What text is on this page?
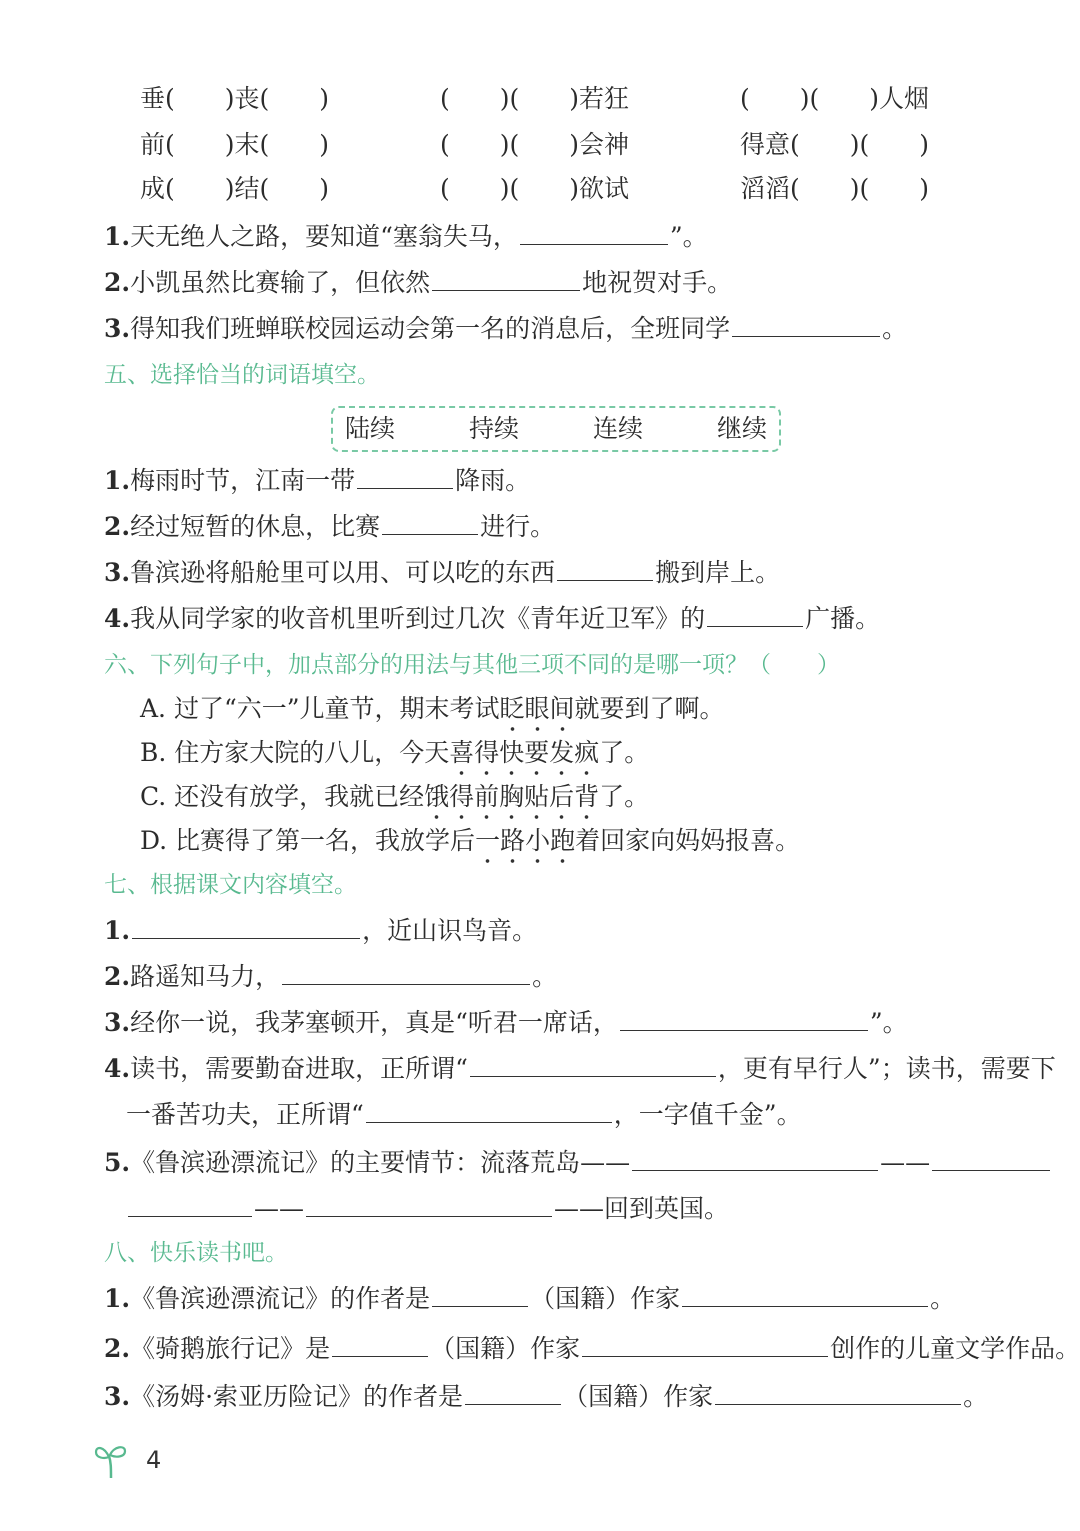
垂(　　)丧(　　)	(　　)(　　)若狂	(　　)(　　)人烟
前(　　)末(　　)	(　　)(　　)会神	得意(　　)(　　)
成(　　)结(　　)	(　　)(　　)欲试	滔滔(　　)(　　)
1.天无绝人之路，要知道“塞翁失马，	”。
2.小凯虽然比赛输了，但依然	地祝贺对手。
3.得知我们班蝉联校园运动会第一名的消息后，全班同学	。
五、选择恰当的词语填空。
陆续	持续	连续	继续
1.梅雨时节，江南一带	降雨。
2.经过短暂的休息，比赛	进行。
3.鲁滨逊将船舱里可以用、可以吃的东西	搬到岸上。
4.我从同学家的收音机里听到过几次《青年近卫军》的	广播。
六、下列句子中，加点部分的用法与其他三项不同的是哪一项？（　　）
A. 过了“六一”儿童节，期末考试眨眼间就要到了啊。
B. 住方家大院的八儿，今天喜得快要发疯了。
C. 还没有放学，我就已经饿得前胸贴后背了。
D. 比赛得了第一名，我放学后一路小跑着回家向妈妈报喜。
七、根据课文内容填空。
1.	，近山识鸟音。
2.路遥知马力，	。
3.经你一说，我茅塞顿开，真是“听君一席话，	”。
4.读书，需要勤奋进取，正所谓“	，更有早行人”；读书，需要下
一番苦功夫，正所谓“	，一字值千金”。
5.《鲁滨逊漂流记》的主要情节：流落荒岛——	——
——	——回到英国。
八、快乐读书吧。
1.《鲁滨逊漂流记》的作者是	（国籍）作家	。
2.《骑鹅旅行记》是	（国籍）作家	创作的儿童文学作品。
3.《汤姆·索亚历险记》的作者是	（国籍）作家	。
4
